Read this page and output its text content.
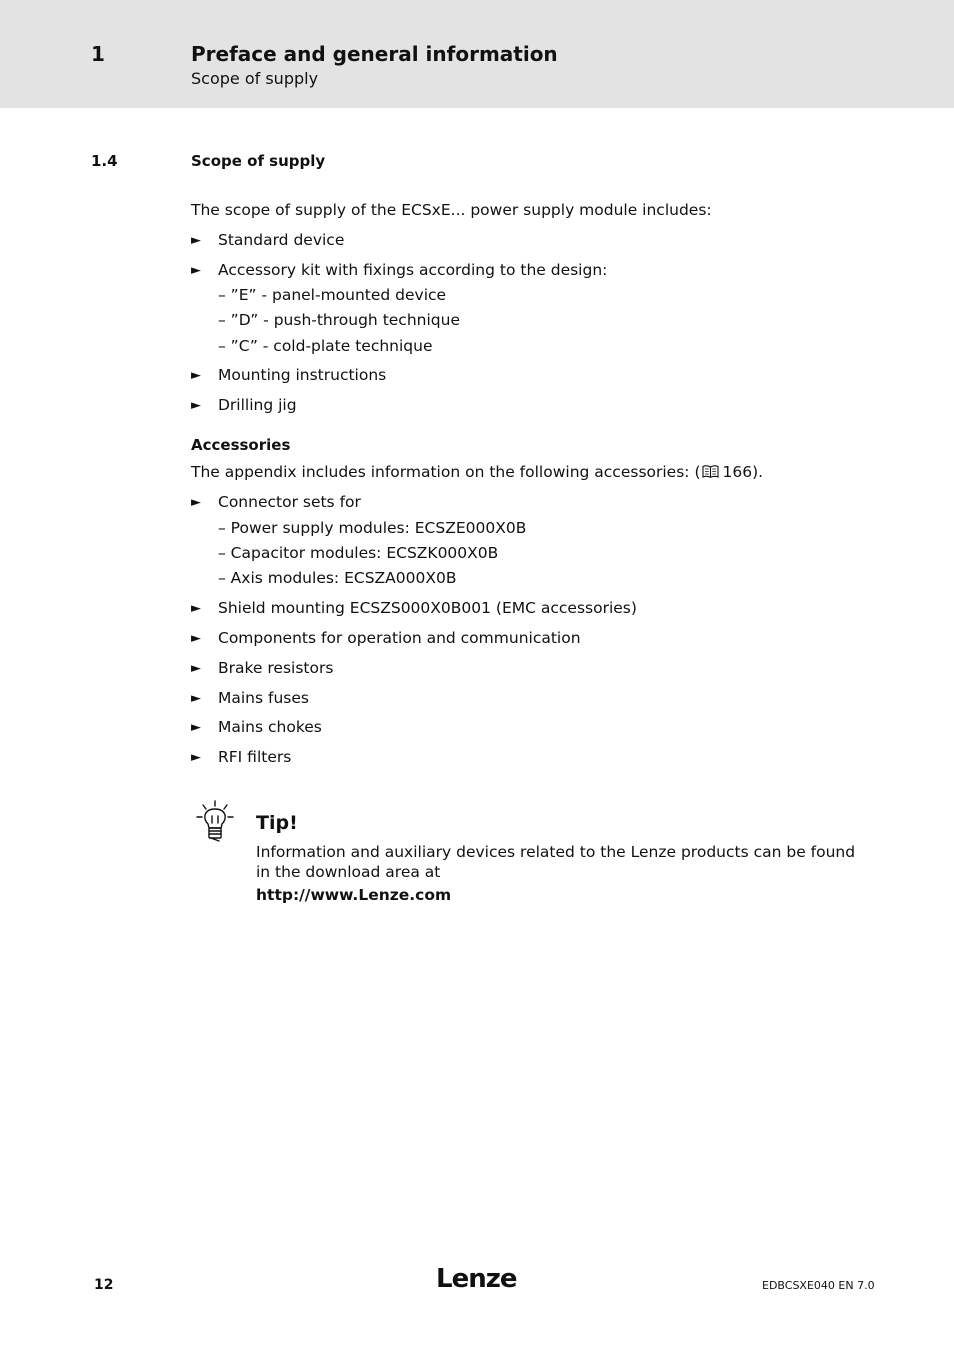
1	Preface and general information
Scope of supply
1.4	Scope of supply
The scope of supply of the ECSxE... power supply module includes:
► Standard device
► Accessory kit with fixings according to the design:
– ”E” - panel-mounted device
– ”D” - push-through technique
– ”C” - cold-plate technique
► Mounting instructions
► Drilling jig
Accessories
The appendix includes information on the following accessories: ( 166).
► Connector sets for
– Power supply modules: ECSZE000X0B
– Capacitor modules: ECSZK000X0B
– Axis modules: ECSZA000X0B
► Shield mounting ECSZS000X0B001 (EMC accessories)
► Components for operation and communication
► Brake resistors
► Mains fuses
► Mains chokes
► RFI filters
Tip!
Information and auxiliary devices related to the Lenze products can be found in the download area at
http://www.Lenze.com
12	Lenze	EDBCSXE040 EN 7.0
